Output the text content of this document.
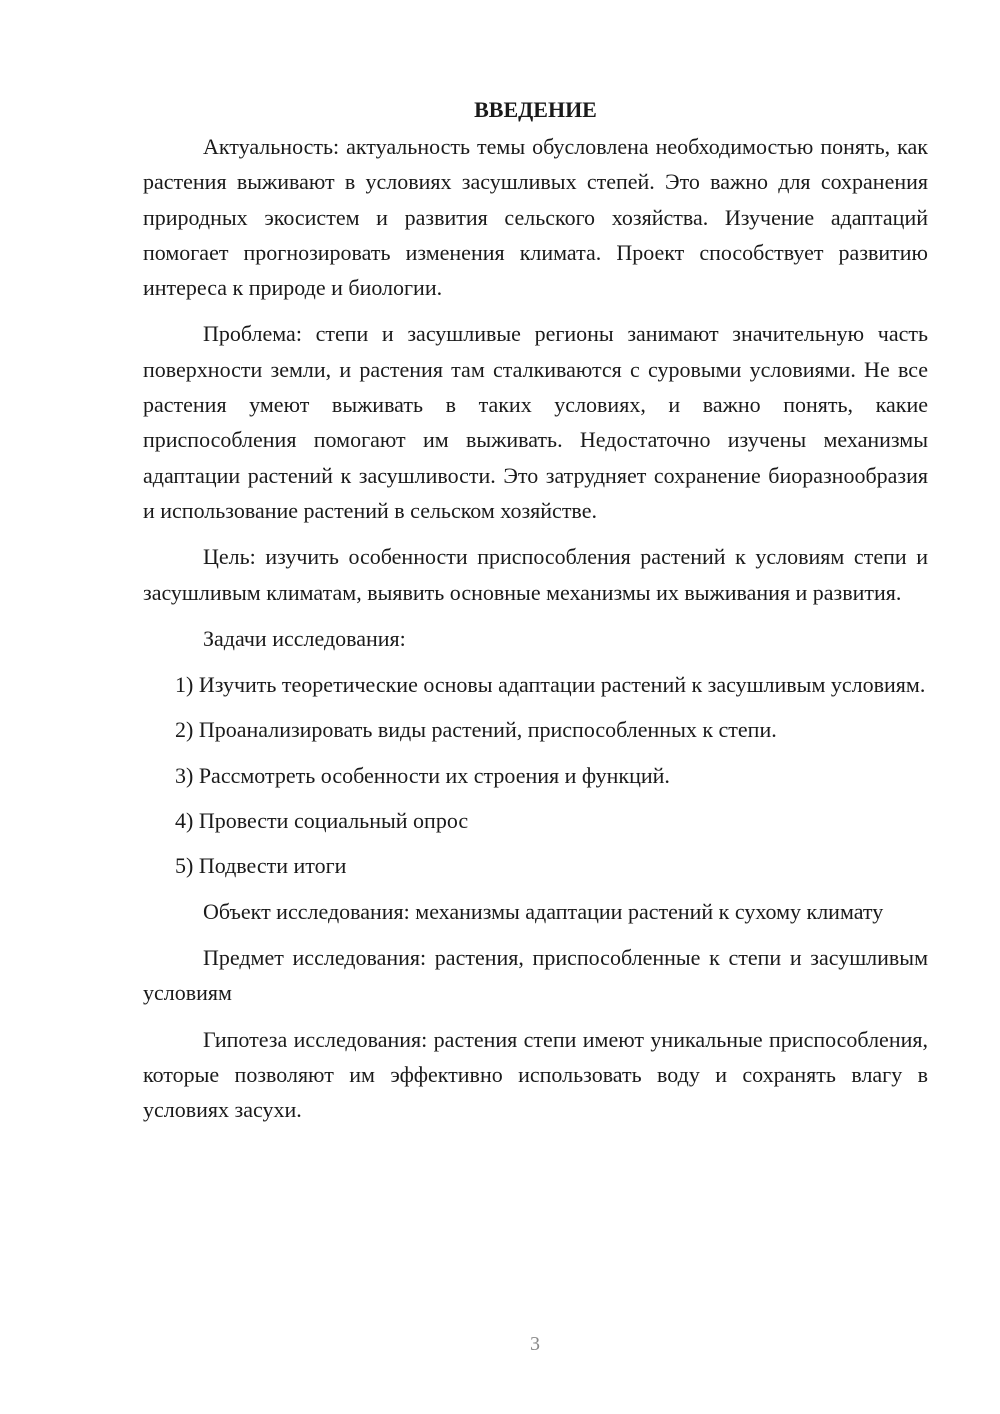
ВВЕДЕНИЕ

Актуальность: актуальность темы обусловлена необходимостью понять, как растения выживают в условиях засушливых степей. Это важно для сохранения природных экосистем и развития сельского хозяйства. Изучение адаптаций помогает прогнозировать изменения климата. Проект способствует развитию интереса к природе и биологии.

Проблема: степи и засушливые регионы занимают значительную часть поверхности земли, и растения там сталкиваются с суровыми условиями. Не все растения умеют выживать в таких условиях, и важно понять, какие приспособления помогают им выживать. Недостаточно изучены механизмы адаптации растений к засушливости. Это затрудняет сохранение биоразнообразия и использование растений в сельском хозяйстве.

Цель: изучить особенности приспособления растений к условиям степи и засушливым климатам, выявить основные механизмы их выживания и развития.

Задачи исследования:

1) Изучить теоретические основы адаптации растений к засушливым условиям.

2) Проанализировать виды растений, приспособленных к степи.

3) Рассмотреть особенности их строения и функций.

4) Провести социальный опрос

5) Подвести итоги

Объект исследования: механизмы адаптации растений к сухому климату

Предмет исследования: растения, приспособленные к степи и засушливым условиям

Гипотеза исследования: растения степи имеют уникальные приспособления, которые позволяют им эффективно использовать воду и сохранять влагу в условиях засухи.

3
